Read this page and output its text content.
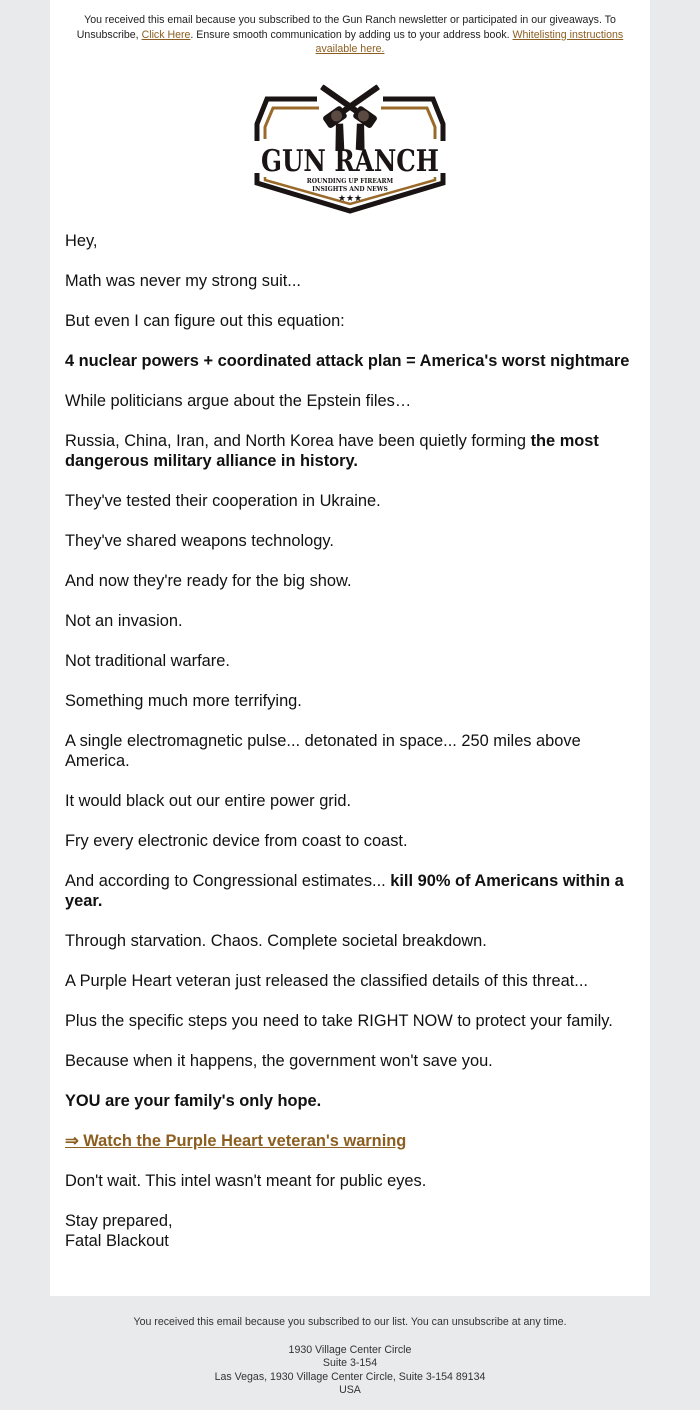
You received this email because you subscribed to the Gun Ranch newsletter or participated in our giveaways. To Unsubscribe, Click Here. Ensure smooth communication by adding us to your address book. Whitelisting instructions available here.
GUN RANCH
ROUNDING UP FIREARM
INSIGHTS AND NEWS
★★★

Hey,

Math was never my strong suit...

But even I can figure out this equation:

4 nuclear powers + coordinated attack plan = America's worst nightmare

While politicians argue about the Epstein files…

Russia, China, Iran, and North Korea have been quietly forming the most dangerous military alliance in history.

They've tested their cooperation in Ukraine.

They've shared weapons technology.

And now they're ready for the big show.

Not an invasion.

Not traditional warfare.

Something much more terrifying.

A single electromagnetic pulse... detonated in space... 250 miles above America.

It would black out our entire power grid.

Fry every electronic device from coast to coast.

And according to Congressional estimates... kill 90% of Americans within a year.

Through starvation. Chaos. Complete societal breakdown.

A Purple Heart veteran just released the classified details of this threat...

Plus the specific steps you need to take RIGHT NOW to protect your family.

Because when it happens, the government won't save you.

YOU are your family's only hope.

⇒ Watch the Purple Heart veteran's warning

Don't wait. This intel wasn't meant for public eyes.

Stay prepared,
Fatal Blackout

You received this email because you subscribed to our list. You can unsubscribe at any time.
1930 Village Center Circle
Suite 3-154
Las Vegas, 1930 Village Center Circle, Suite 3-154 89134
USA
